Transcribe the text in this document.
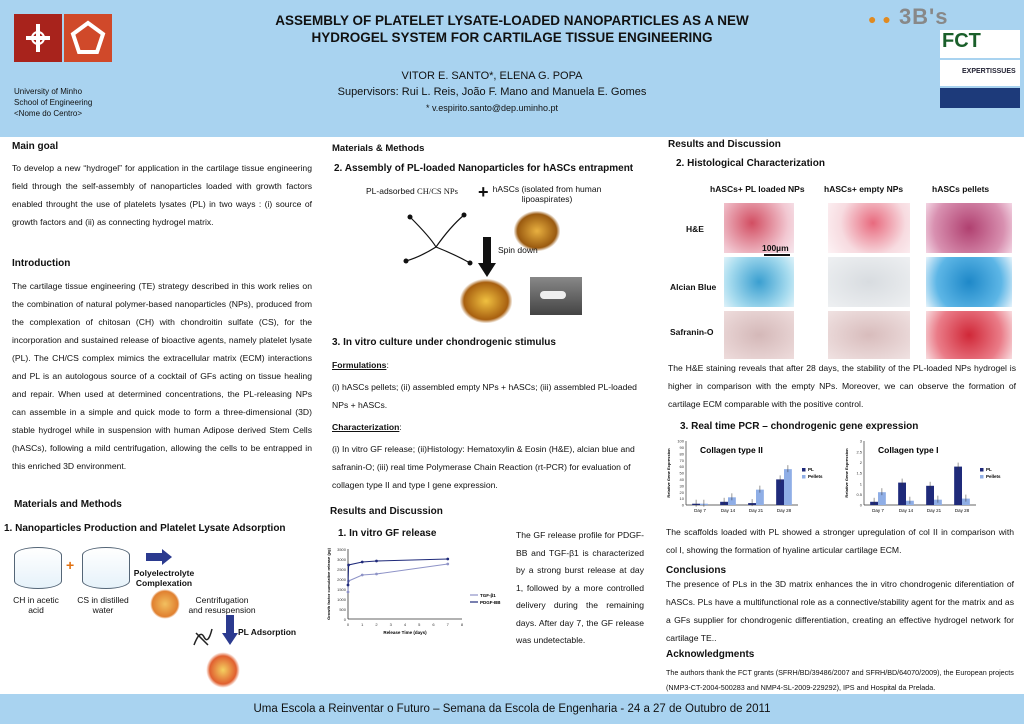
ASSEMBLY OF PLATELET LYSATE-LOADED NANOPARTICLES AS A NEW
HYDROGEL SYSTEM FOR CARTILAGE TISSUE ENGINEERING
VITOR E. SANTO*, ELENA G. POPA
Supervisors: Rui L. Reis, João F. Mano and Manuela E. Gomes
* v.espirito.santo@dep.uminho.pt
University of Minho
School of Engineering
<Nome do Centro>
● ● 3B's
FCT
EXPERTISSUES
Main goal
To develop a new “hydrogel” for application in the cartilage tissue engineering field through the self-assembly of nanoparticles loaded with growth factors enabled throught the use of platelets lysates (PL) in two ways : (i) source of growth factors and (ii) as connecting hydrogel matrix.
Introduction
The cartilage tissue engineering (TE) strategy described in this work relies on the combination of natural polymer-based nanoparticles (NPs), produced from the complexation of chitosan (CH) with chondroitin sulfate (CS), for the incorporation and sustained release of bioactive agents, namely platelet lysate (PL). The CH/CS complex mimics the extracellular matrix (ECM) interactions and PL is an autologous source of a cocktail of GFs acting on tissue healing and repair. When used at determined concentrations, the PL-releasing NPs can assemble in a simple and quick mode to form a three-dimensional (3D) stable hydrogel while in suspension with human Adipose derived Stem Cells (hASCs), following a mild centrifugation, allowing the cells to be entrapped in this enriched 3D environment.
Materials and Methods
1. Nanoparticles Production and Platelet Lysate Adsorption
+	Polyelectrolyte
Complexation
CH in acetic
acid
CS in distilled
water
Centrifugation
and resuspension
PL Adsorption
Materials & Methods
2. Assembly of PL-loaded Nanoparticles for hASCs entrapment
PL-adsorbed CH/CS NPs + hASCs (isolated from human
lipoaspirates)
Spin down
3. In vitro culture under chondrogenic stimulus
Formulations:
(i) hASCs pellets; (ii) assembled empty NPs + hASCs; (iii) assembled PL-loaded NPs + hASCs.
Characterization:
(i) In vitro GF release; (ii)Histology: Hematoxylin & Eosin (H&E), alcian blue and safranin-O; (iii) real time Polymerase Chain Reaction (rt-PCR) for evaluation of collagen type II and type I gene expression.
Results and Discussion
1. In vitro GF release
0
500
1000
1500
2000
2500
3000
3500
0	1	2	3	4	5	6	7	8
Release Time (days)
Growth factor cumulative release (pg)	TGF-β1
PDGF-BB
The GF release profile for PDGF-BB and TGF-β1 is characterized by a strong burst release at day 1, followed by a more controlled delivery during the remaining days. After day 7, the GF release was undetectable.
Results and Discussion
2. Histological Characterization
hASCs+ PL loaded NPs hASCs+ empty NPs	hASCs pellets
H&E
Alcian Blue
Safranin-O
100µm
The H&E staining reveals that after 28 days, the stability of the PL-loaded NPs hydrogel is higher in comparison with the empty NPs. Moreover, we can observe the formation of cartilage ECM comparable with the positive control.
3. Real time PCR – chondrogenic gene expression
0
10
20
30
40
50
60
70
80
90
100
Relative Gene Expression	Collagen type II
Day 7	Day 14	Day 21	Day 28
PL
Pellets
0
0.5
1
1.5
2
2.5
3
Relative Gene Expression	Collagen type I
Day 7	Day 14	Day 21	Day 28
PL
Pellets
The scaffolds loaded with PL showed a stronger upregulation of col II in comparison with col I, showing the formation of hyaline articular cartilage ECM.
Conclusions
The presence of PLs in the 3D matrix enhances the in vitro chondrogenic diferentiation of hASCs. PLs have a multifunctional role as a connective/stability agent for the matrix and as a GFs supplier for chondrogenic differentiation, creating an effective hydrogel network for cartilage TE..
Acknowledgments
The authors thank the FCT grants (SFRH/BD/39486/2007 and SFRH/BD/64070/2009), the European projects (NMP3-CT-2004-500283 and NMP4-SL-2009-229292), IPS and Hospital da Prelada.
Uma Escola a Reinventar o Futuro – Semana da Escola de Engenharia - 24 a 27 de Outubro de 2011
